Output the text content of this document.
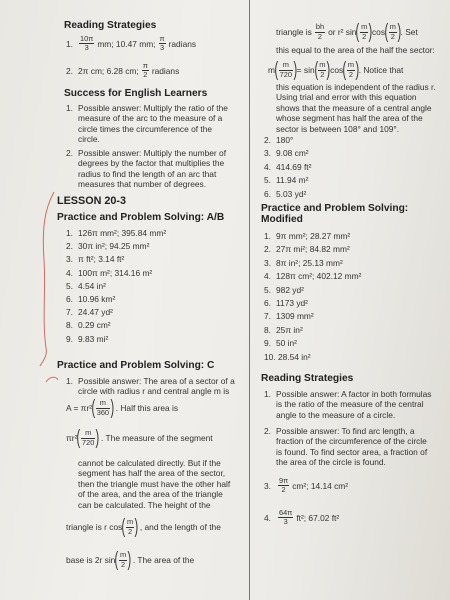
Reading Strategies
1. $\frac{10\pi}{3}$ mm; 10.47 mm; $\frac{\pi}{3}$ radians
2. 2π cm; 6.28 cm; $\frac{\pi}{2}$ radians
Success for English Learners
1. Possible answer: Multiply the ratio of the
measure of the arc to the measure of a
circle times the circumference of the
circle.
2. Possible answer: Multiply the number of
degrees by the factor that multiplies the
radius to find the length of an arc that
measures that number of degrees.
LESSON 20-3
Practice and Problem Solving: A/B
1. 126π mm²; 395.84 mm²
2. 30π in²; 94.25 mm²
3. π ft²; 3.14 ft²
4. 100π m²; 314.16 m²
5. 4.54 in²
6. 10.96 km²
7. 24.47 yd²
8. 0.29 cm²
9. 9.83 mi²
Practice and Problem Solving: C
1. Possible answer: The area of a sector of a
circle with radius r and central angle m is
A = πr² ( $\frac{m}{360}$ ) . Half this area is
πr² ( $\frac{m}{720}$ ) . The measure of the segment
cannot be calculated directly. But if the
segment has half the area of the sector,
then the triangle must have the other half
of the area, and the area of the triangle
can be calculated. The height of the
triangle is r cos ( $\frac{m}{2}$ ) , and the length of the
base is 2r sin ( $\frac{m}{2}$ ) . The area of the
triangle is $\frac{bh}{2}$ or r² sin ( $\frac{m}{2}$ ) cos ( $\frac{m}{2}$ ) . Set
this equal to the area of the half the sector:
m ( $\frac{m}{720}$ ) = sin ( $\frac{m}{2}$ ) cos ( $\frac{m}{2}$ ) . Notice that
this equation is independent of the radius r.
Using trial and error with this equation
shows that the measure of a central angle
whose segment has half the area of the
sector is between 108° and 109°.
2. 180°
3. 9.08 cm²
4. 414.69 ft²
5. 11.94 m²
6. 5.03 yd²
Practice and Problem Solving:
Modified
1. 9π mm²; 28.27 mm²
2. 27π mi²; 84.82 mm²
3. 8π in²; 25.13 mm²
4. 128π cm²; 402.12 mm²
5. 982 yd²
6. 1173 yd²
7. 1309 mm²
8. 25π in²
9. 50 in²
10. 28.54 in²
Reading Strategies
1. Possible answer: A factor in both formulas
is the ratio of the measure of the central
angle to the measure of a circle.
2. Possible answer: To find arc length, a
fraction of the circumference of the circle
is found. To find sector area, a fraction of
the area of the circle is found.
3. $\frac{9\pi}{2} cm^2$; 14.14 cm²
4. $\frac{64\pi}{3} ft^2$; 67.02 ft²
